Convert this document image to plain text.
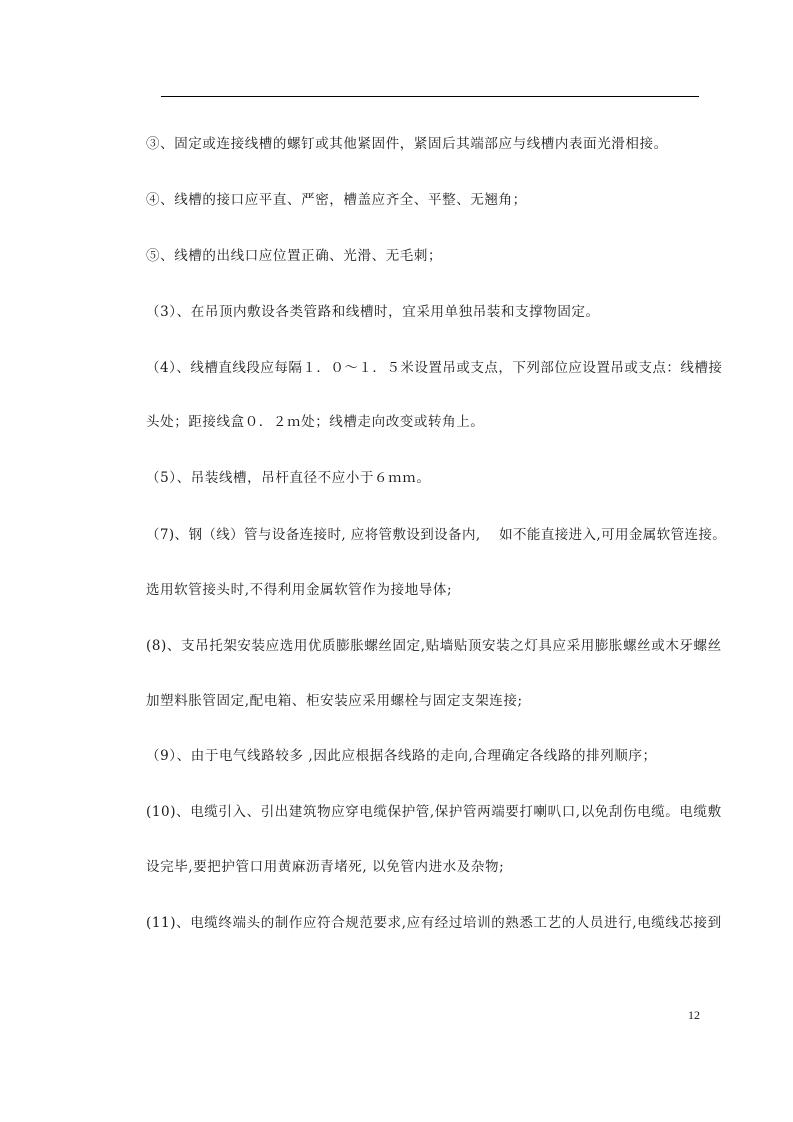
③、固定或连接线槽的螺钉或其他紧固件，紧固后其端部应与线槽内表面光滑相接。
④、线槽的接口应平直、严密，槽盖应齐全、平整、无翘角；
⑤、线槽的出线口应位置正确、光滑、无毛刺；
（3）、在吊顶内敷设各类管路和线槽时，宜采用单独吊装和支撑物固定。
（4）、线槽直线段应每隔１．０～１．５米设置吊或支点，下列部位应设置吊或支点：线槽接
头处；距接线盒０．２ｍ处；线槽走向改变或转角上。
（5）、吊装线槽，吊杆直径不应小于６ｍｍ。
（7)、钢（线）管与设备连接时, 应将管敷设到设备内,　 如不能直接进入,可用金属软管连接。
选用软管接头时,不得利用金属软管作为接地导体;
(8)、支吊托架安装应选用优质膨胀螺丝固定,贴墙贴顶安装之灯具应采用膨胀螺丝或木牙螺丝
加塑料胀管固定,配电箱、柜安装应采用螺栓与固定支架连接;
（9）、由于电气线路较多 ,因此应根据各线路的走向,合理确定各线路的排列顺序；
(10)、电缆引入、引出建筑物应穿电缆保护管,保护管两端要打喇叭口,以免刮伤电缆。电缆敷
设完毕,要把护管口用黄麻沥青堵死, 以免管内进水及杂物;
(11)、电缆终端头的制作应符合规范要求,应有经过培训的熟悉工艺的人员进行,电缆线芯接到
12
